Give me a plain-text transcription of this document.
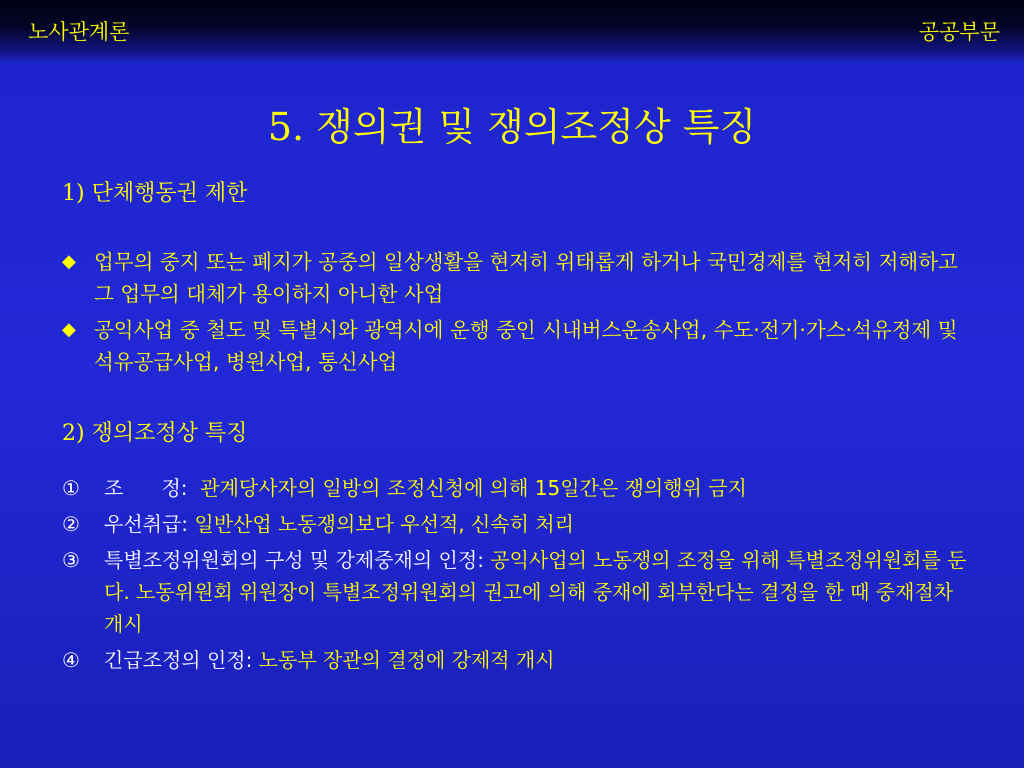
노사관계론	공공부문
5. 쟁의권 및 쟁의조정상 특징
1) 단체행동권 제한
◆ 업무의 중지 또는 폐지가 공중의 일상생활을 현저히 위태롭게 하거나 국민경제를 현저히 저해하고 그 업무의 대체가 용이하지 아니한 사업
◆ 공익사업 중 철도 및 특별시와 광역시에 운행 중인 시내버스운송사업, 수도·전기·가스·석유정제 및 석유공급사업, 병원사업, 통신사업
2) 쟁의조정상 특징
①	조      정:  관계당사자의 일방의 조정신청에 의해 15일간은 쟁의행위 금지
②	우선취급: 일반산업 노동쟁의보다 우선적, 신속히 처리
③	특별조정위원회의 구성 및 강제중재의 인정: 공익사업의 노동쟁의 조정을 위해 특별조정위원회를 둔다. 노동위원회 위원장이 특별조정위원회의 권고에 의해 중재에 회부한다는 결정을 한 때 중재절차 개시
④	긴급조정의 인정: 노동부 장관의 결정에 강제적 개시
